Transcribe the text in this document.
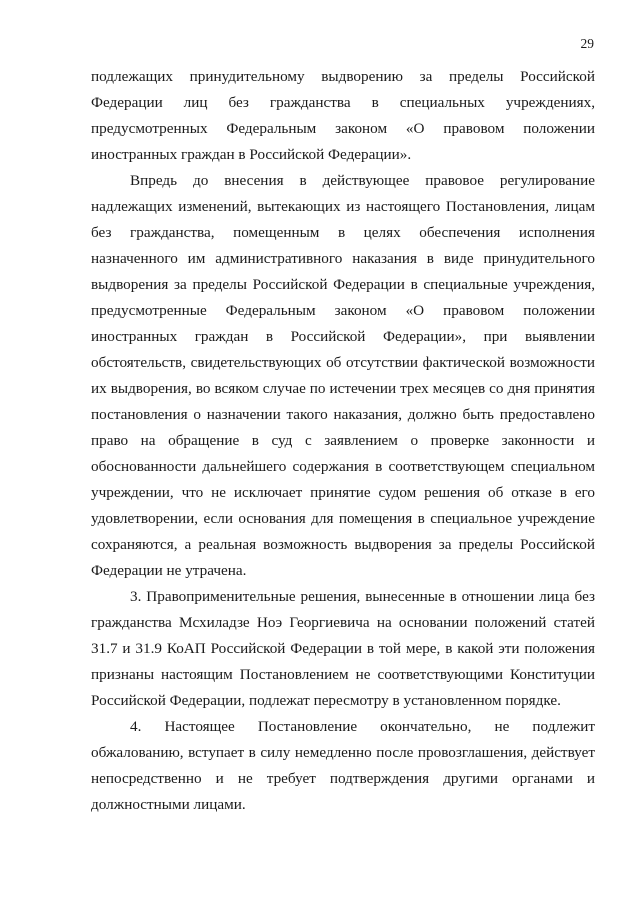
29

подлежащих принудительному выдворению за пределы Российской Федерации лиц без гражданства в специальных учреждениях, предусмотренных Федеральным законом «О правовом положении иностранных граждан в Российской Федерации».

Впредь до внесения в действующее правовое регулирование надлежащих изменений, вытекающих из настоящего Постановления, лицам без гражданства, помещенным в целях обеспечения исполнения назначенного им административного наказания в виде принудительного выдворения за пределы Российской Федерации в специальные учреждения, предусмотренные Федеральным законом «О правовом положении иностранных граждан в Российской Федерации», при выявлении обстоятельств, свидетельствующих об отсутствии фактической возможности их выдворения, во всяком случае по истечении трех месяцев со дня принятия постановления о назначении такого наказания, должно быть предоставлено право на обращение в суд с заявлением о проверке законности и обоснованности дальнейшего содержания в соответствующем специальном учреждении, что не исключает принятие судом решения об отказе в его удовлетворении, если основания для помещения в специальное учреждение сохраняются, а реальная возможность выдворения за пределы Российской Федерации не утрачена.

3. Правоприменительные решения, вынесенные в отношении лица без гражданства Мсхиладзе Ноэ Георгиевича на основании положений статей 31.7 и 31.9 КоАП Российской Федерации в той мере, в какой эти положения признаны настоящим Постановлением не соответствующими Конституции Российской Федерации, подлежат пересмотру в установленном порядке.

4. Настоящее Постановление окончательно, не подлежит обжалованию, вступает в силу немедленно после провозглашения, действует непосредственно и не требует подтверждения другими органами и должностными лицами.
